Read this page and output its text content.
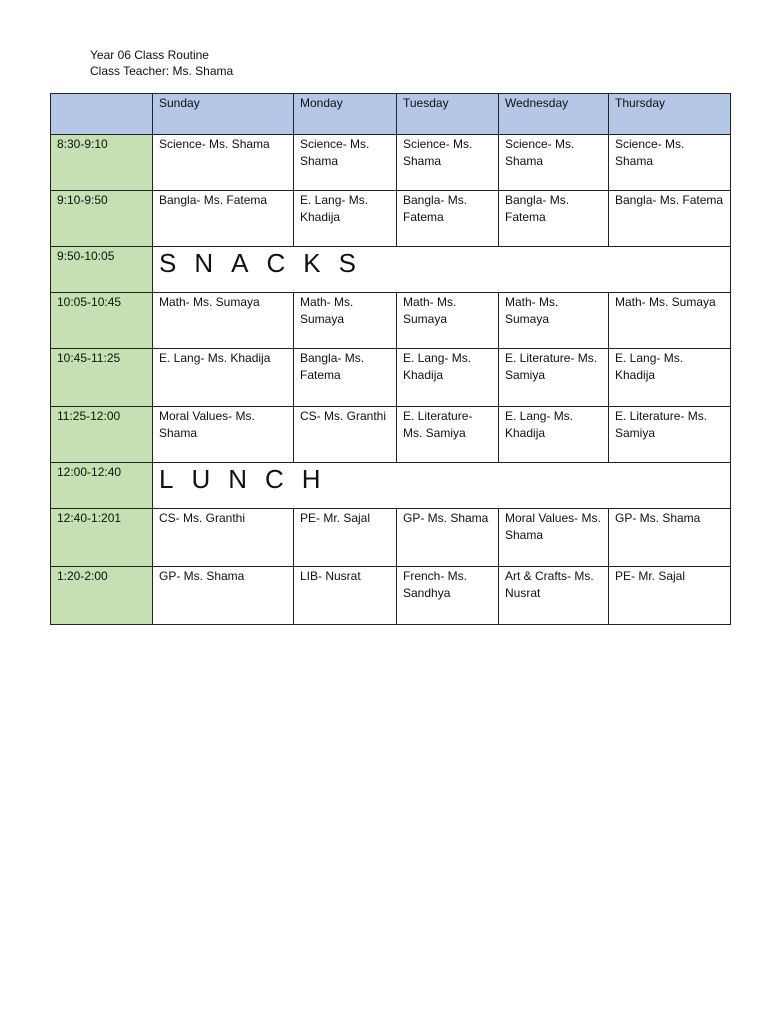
Year 06 Class Routine
Class Teacher: Ms. Shama
	Sunday	Monday	Tuesday	Wednesday	Thursday
8:30-9:10	Science- Ms. Shama	Science- Ms. Shama	Science- Ms. Shama	Science- Ms. Shama	Science- Ms. Shama
9:10-9:50	Bangla- Ms. Fatema	E. Lang- Ms. Khadija	Bangla- Ms. Fatema	Bangla- Ms. Fatema	Bangla- Ms. Fatema
9:50-10:05	SNACKS				
10:05-10:45	Math- Ms. Sumaya	Math- Ms. Sumaya	Math- Ms. Sumaya	Math- Ms. Sumaya	Math- Ms. Sumaya
10:45-11:25	E. Lang- Ms. Khadija	Bangla- Ms. Fatema	E. Lang- Ms. Khadija	E. Literature- Ms. Samiya	E. Lang- Ms. Khadija
11:25-12:00	Moral Values- Ms. Shama	CS- Ms. Granthi	E. Literature- Ms. Samiya	E. Lang- Ms. Khadija	E. Literature- Ms. Samiya
12:00-12:40	LUNCH				
12:40-1:201	CS- Ms. Granthi	PE- Mr. Sajal	GP- Ms. Shama	Moral Values- Ms. Shama	GP- Ms. Shama
1:20-2:00	GP- Ms. Shama	LIB- Nusrat	French- Ms. Sandhya	Art & Crafts- Ms. Nusrat	PE- Mr. Sajal
